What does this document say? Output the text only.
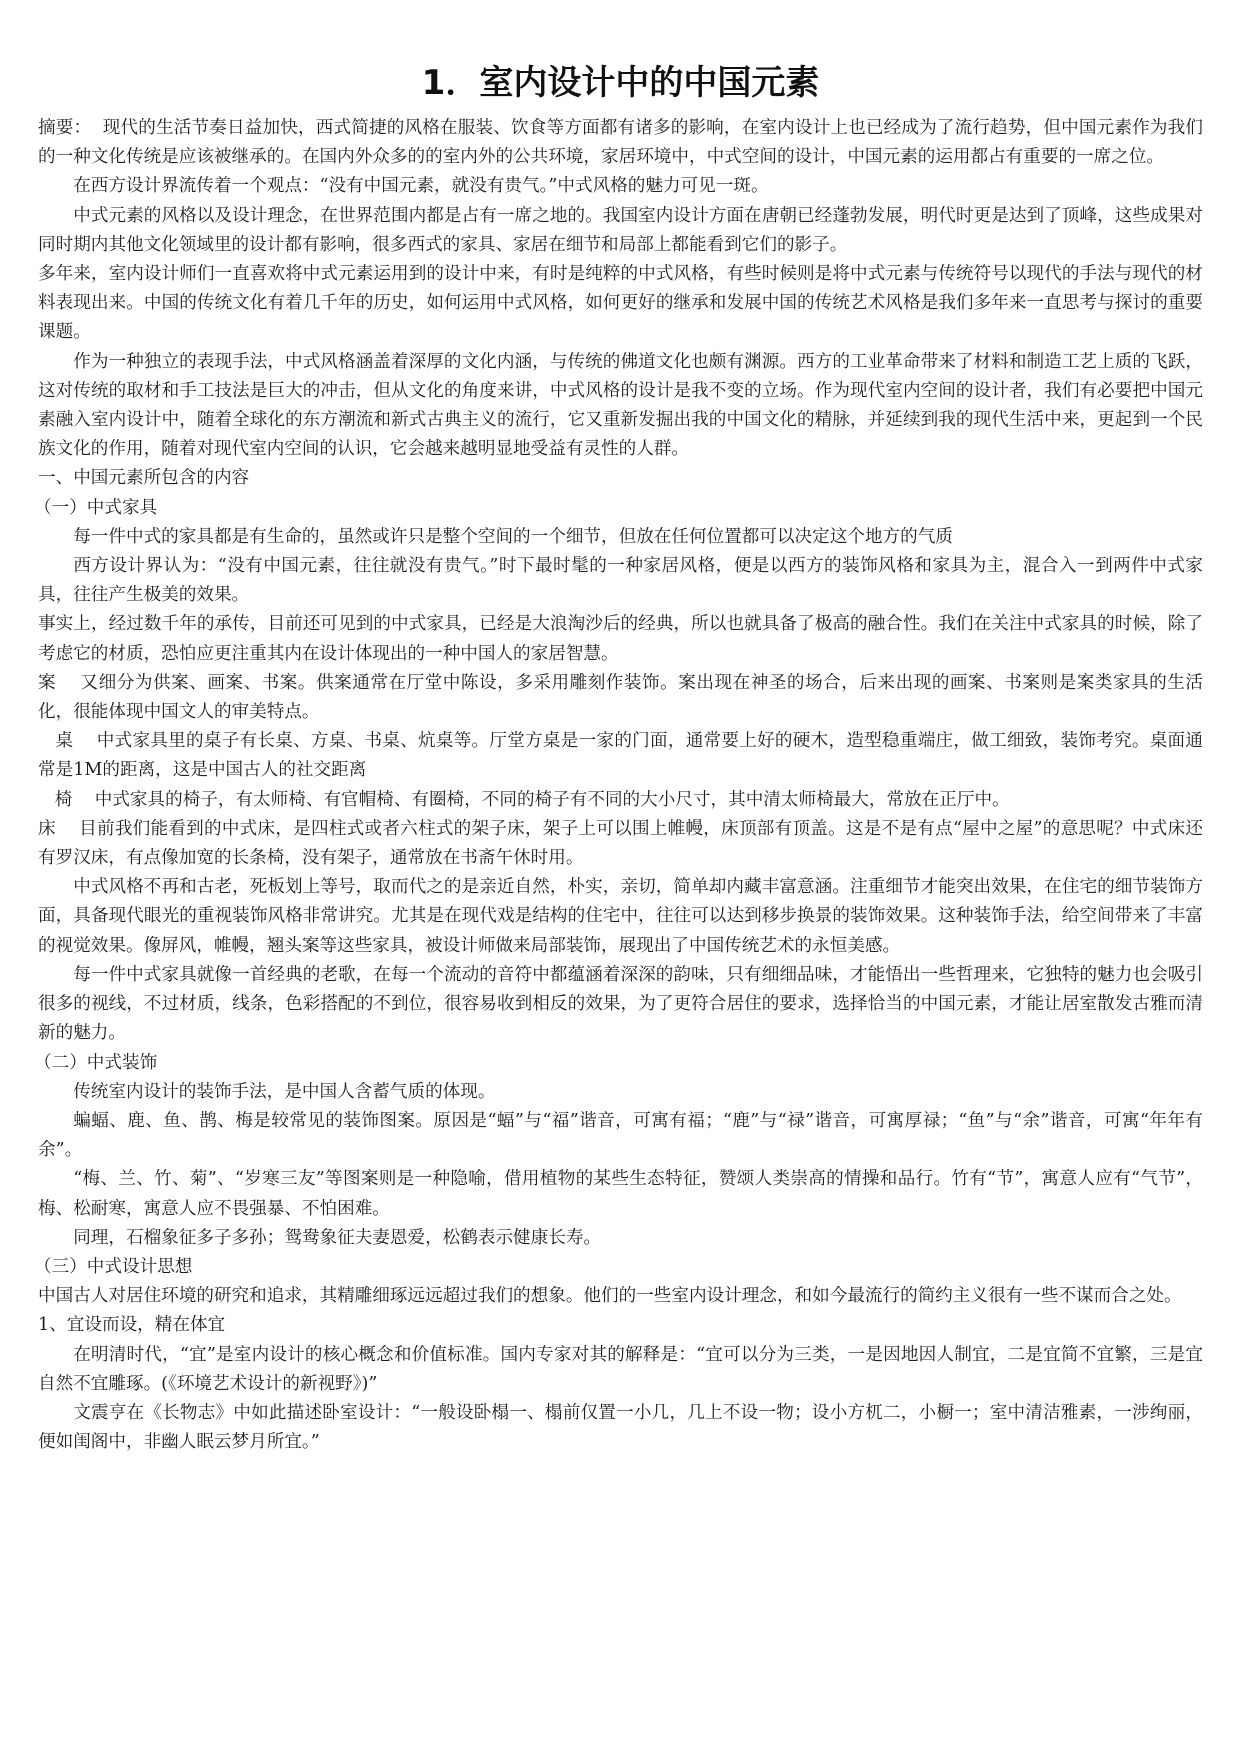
1．室内设计中的中国元素
摘要：  现代的生活节奏日益加快，西式简捷的风格在服装、饮食等方面都有诸多的影响，在室内设计上也已经成为了流行趋势，但中国元素作为我们的一种文化传统是应该被继承的。在国内外众多的的室内外的公共环境，家居环境中，中式空间的设计，中国元素的运用都占有重要的一席之位。
在西方设计界流传着一个观点：“没有中国元素，就没有贵气。”中式风格的魅力可见一斑。
中式元素的风格以及设计理念，在世界范围内都是占有一席之地的。我国室内设计方面在唐朝已经蓬勃发展，明代时更是达到了顶峰，这些成果对同时期内其他文化领域里的设计都有影响，很多西式的家具、家居在细节和局部上都能看到它们的影子。
多年来，室内设计师们一直喜欢将中式元素运用到的设计中来，有时是纯粹的中式风格，有些时候则是将中式元素与传统符号以现代的手法与现代的材料表现出来。中国的传统文化有着几千年的历史，如何运用中式风格，如何更好的继承和发展中国的传统艺术风格是我们多年来一直思考与探讨的重要课题。
作为一种独立的表现手法，中式风格涵盖着深厚的文化内涵，与传统的佛道文化也颇有渊源。西方的工业革命带来了材料和制造工艺上质的飞跃，这对传统的取材和手工技法是巨大的冲击，但从文化的角度来讲，中式风格的设计是我不变的立场。作为现代室内空间的设计者，我们有必要把中国元素融入室内设计中，随着全球化的东方潮流和新式古典主义的流行，它又重新发掘出我的中国文化的精脉，并延续到我的现代生活中来，更起到一个民族文化的作用，随着对现代室内空间的认识，它会越来越明显地受益有灵性的人群。
一、中国元素所包含的内容
（一）中式家具
每一件中式的家具都是有生命的，虽然或许只是整个空间的一个细节，但放在任何位置都可以决定这个地方的气质
西方设计界认为：“没有中国元素，往往就没有贵气。”时下最时髦的一种家居风格，便是以西方的装饰风格和家具为主，混合入一到两件中式家具，往往产生极美的效果。
事实上，经过数千年的承传，目前还可见到的中式家具，已经是大浪淘沙后的经典，所以也就具备了极高的融合性。我们在关注中式家具的时候，除了考虑它的材质，恐怕应更注重其内在设计体现出的一种中国人的家居智慧。
案    又细分为供案、画案、书案。供案通常在厅堂中陈设，多采用雕刻作装饰。案出现在神圣的场合，后来出现的画案、书案则是案类家具的生活化，很能体现中国文人的审美特点。
桌    中式家具里的桌子有长桌、方桌、书桌、炕桌等。厅堂方桌是一家的门面，通常要上好的硬木，造型稳重端庄，做工细致，装饰考究。桌面通常是1M的距离，这是中国古人的社交距离
椅    中式家具的椅子，有太师椅、有官帽椅、有圈椅，不同的椅子有不同的大小尺寸，其中清太师椅最大，常放在正厅中。
床    目前我们能看到的中式床，是四柱式或者六柱式的架子床，架子上可以围上帷幔，床顶部有顶盖。这是不是有点“屋中之屋”的意思呢？中式床还有罗汉床，有点像加宽的长条椅，没有架子，通常放在书斋午休时用。
中式风格不再和古老，死板划上等号，取而代之的是亲近自然，朴实，亲切，简单却内藏丰富意涵。注重细节才能突出效果，在住宅的细节装饰方面，具备现代眼光的重视装饰风格非常讲究。尤其是在现代戏是结构的住宅中，往往可以达到移步换景的装饰效果。这种装饰手法，给空间带来了丰富的视觉效果。像屏风，帷幔，翘头案等这些家具，被设计师做来局部装饰，展现出了中国传统艺术的永恒美感。
每一件中式家具就像一首经典的老歌，在每一个流动的音符中都蕴涵着深深的韵味，只有细细品味，才能悟出一些哲理来，它独特的魅力也会吸引很多的视线，不过材质，线条，色彩搭配的不到位，很容易收到相反的效果，为了更符合居住的要求，选择恰当的中国元素，才能让居室散发古雅而清新的魅力。
（二）中式装饰
传统室内设计的装饰手法，是中国人含蓄气质的体现。
蝙蝠、鹿、鱼、鹊、梅是较常见的装饰图案。原因是“蝠”与“福”谐音，可寓有福；“鹿”与“禄”谐音，可寓厚禄；“鱼”与“余”谐音，可寓“年年有余”。
“梅、兰、竹、菊”、“岁寒三友”等图案则是一种隐喻，借用植物的某些生态特征，赞颂人类崇高的情操和品行。竹有“节”，寓意人应有“气节”，梅、松耐寒，寓意人应不畏强暴、不怕困难。
同理，石榴象征多子多孙；鸳鸯象征夫妻恩爱，松鹤表示健康长寿。
（三）中式设计思想
中国古人对居住环境的研究和追求，其精雕细琢远远超过我们的想象。他们的一些室内设计理念，和如今最流行的简约主义很有一些不谋而合之处。
1、宜设而设，精在体宜
在明清时代，“宜”是室内设计的核心概念和价值标准。国内专家对其的解释是：“宜可以分为三类，一是因地因人制宜，二是宜简不宜繁，三是宜自然不宜雕琢。(《环境艺术设计的新视野》)”
文震亨在《长物志》中如此描述卧室设计：“一般设卧榻一、榻前仅置一小几，几上不设一物；设小方杌二，小橱一；室中清洁雅素，一涉绚丽，便如闺阁中，非幽人眠云梦月所宜。”
